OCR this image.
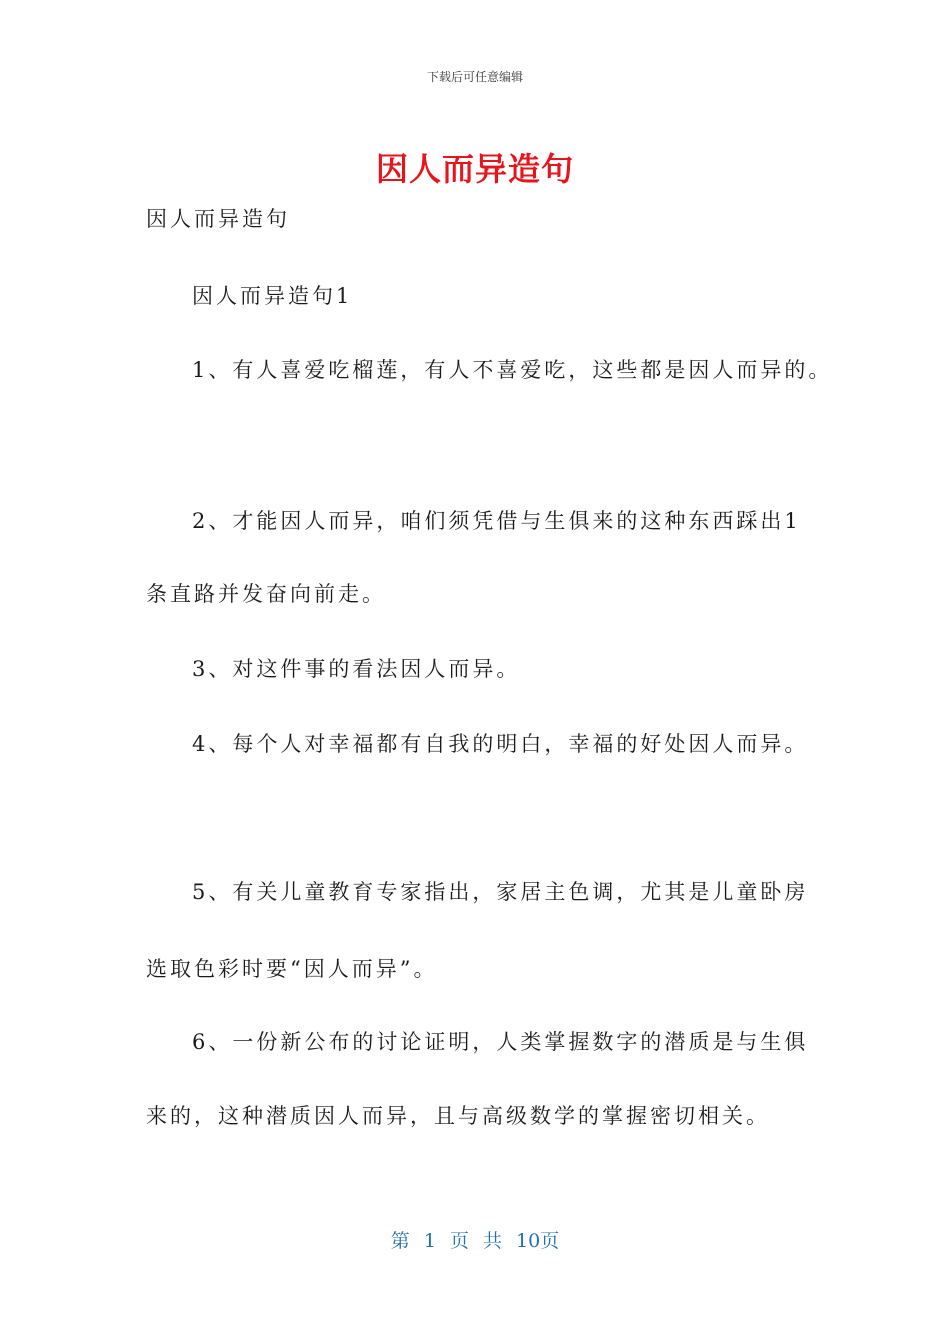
下载后可任意编辑
因人而异造句
因人而异造句
因人而异造句1
1、有人喜爱吃榴莲，有人不喜爱吃，这些都是因人而异的。
2、才能因人而异，咱们须凭借与生俱来的这种东西踩出1
条直路并发奋向前走。
3、对这件事的看法因人而异。
4、每个人对幸福都有自我的明白，幸福的好处因人而异。
5、有关儿童教育专家指出，家居主色调，尤其是儿童卧房
选取色彩时要“因人而异”。
6、一份新公布的讨论证明，人类掌握数字的潜质是与生俱
来的，这种潜质因人而异，且与高级数学的掌握密切相关。
第 1 页 共 10页
